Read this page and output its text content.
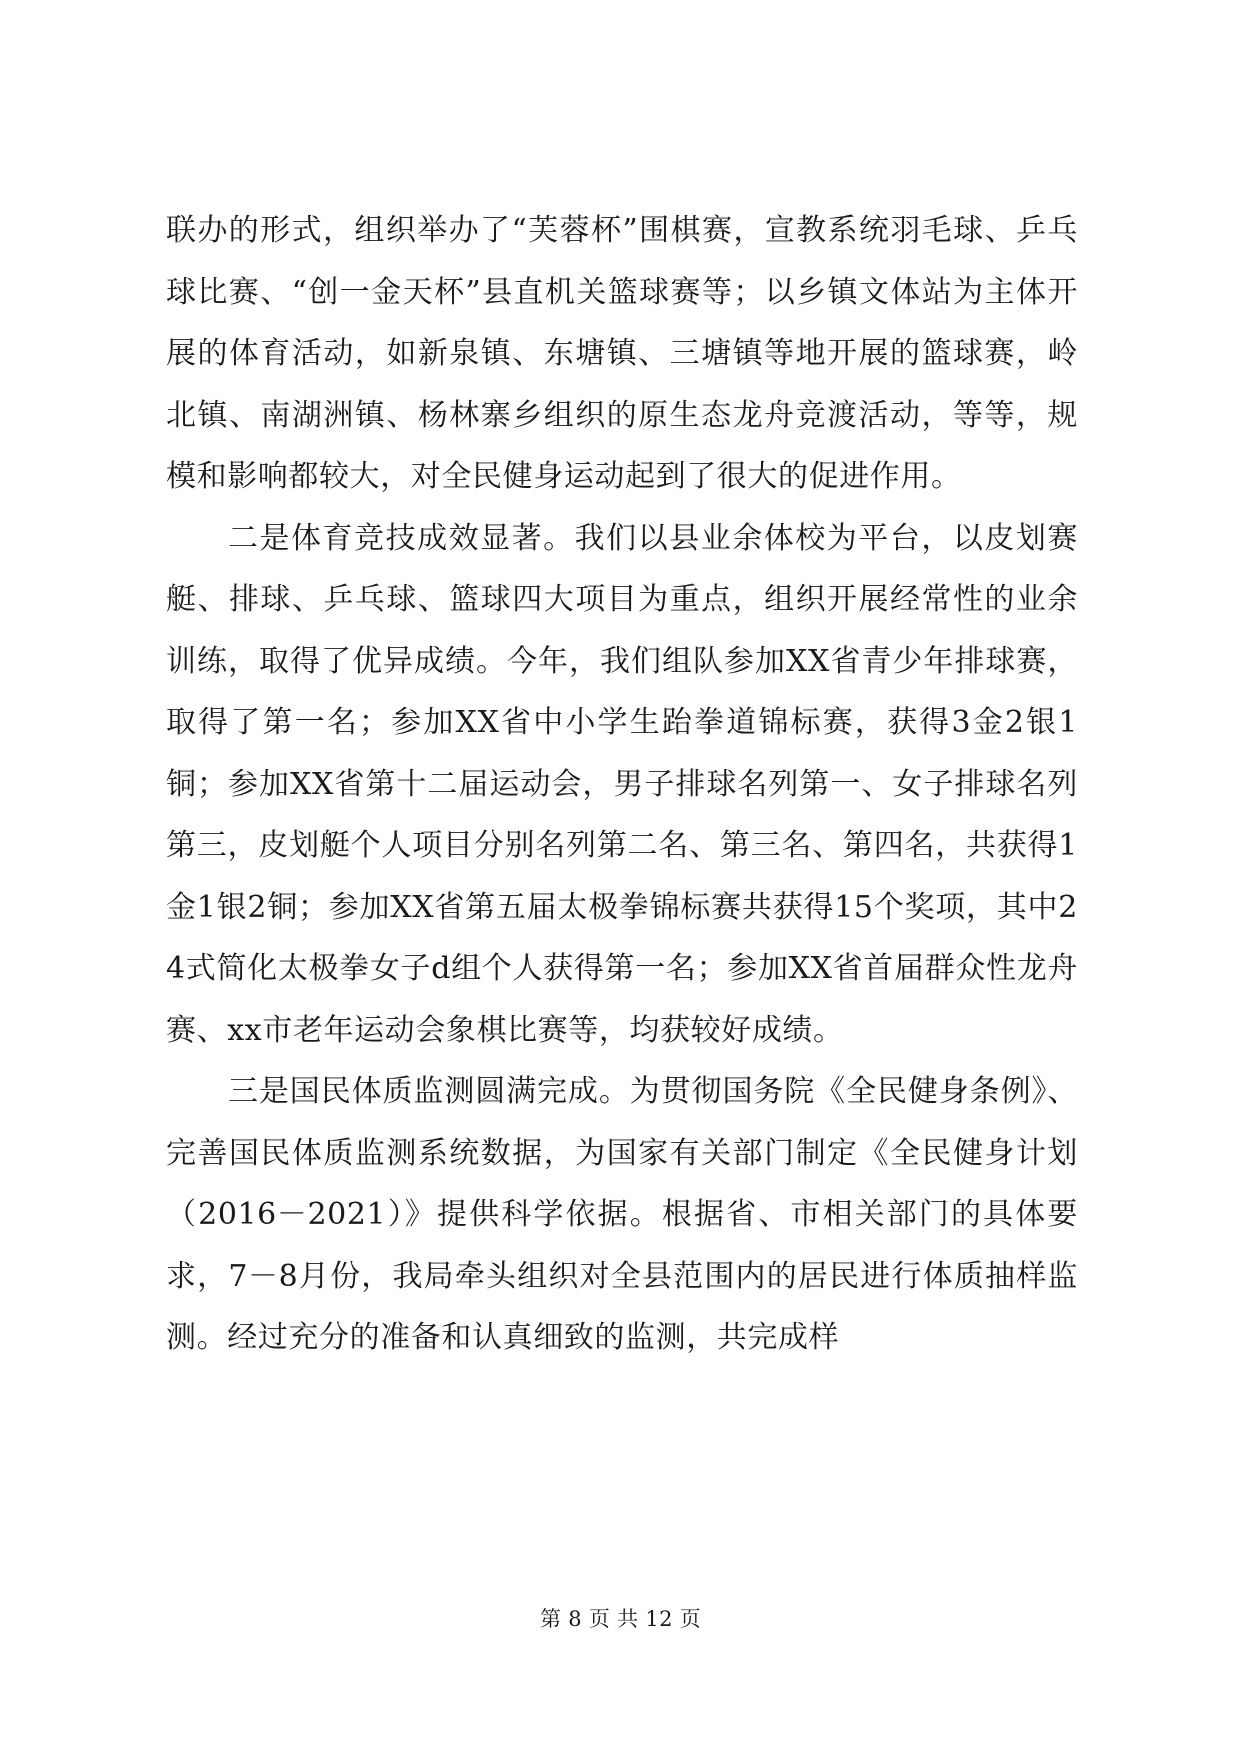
联办的形式，组织举办了“芙蓉杯”围棋赛，宣教系统羽毛球、乒乓球比赛、“创一金天杯”县直机关篮球赛等；以乡镇文体站为主体开展的体育活动，如新泉镇、东塘镇、三塘镇等地开展的篮球赛，岭北镇、南湖洲镇、杨林寨乡组织的原生态龙舟竞渡活动，等等，规模和影响都较大，对全民健身运动起到了很大的促进作用。

二是体育竞技成效显著。我们以县业余体校为平台，以皮划赛艇、排球、乒乓球、篮球四大项目为重点，组织开展经常性的业余训练，取得了优异成绩。今年，我们组队参加XX省青少年排球赛，取得了第一名；参加XX省中小学生跆拳道锦标赛，获得3金2银1铜；参加XX省第十二届运动会，男子排球名列第一、女子排球名列第三，皮划艇个人项目分别名列第二名、第三名、第四名，共获得1金1银2铜；参加XX省第五届太极拳锦标赛共获得15个奖项，其中24式简化太极拳女子d组个人获得第一名；参加XX省首届群众性龙舟赛、xx市老年运动会象棋比赛等，均获较好成绩。

三是国民体质监测圆满完成。为贯彻国务院《全民健身条例》、完善国民体质监测系统数据，为国家有关部门制定《全民健身计划（2016－2021）》提供科学依据。根据省、市相关部门的具体要求，7－8月份，我局牵头组织对全县范围内的居民进行体质抽样监测。经过充分的准备和认真细致的监测，共完成样

第 8 页 共 12 页
